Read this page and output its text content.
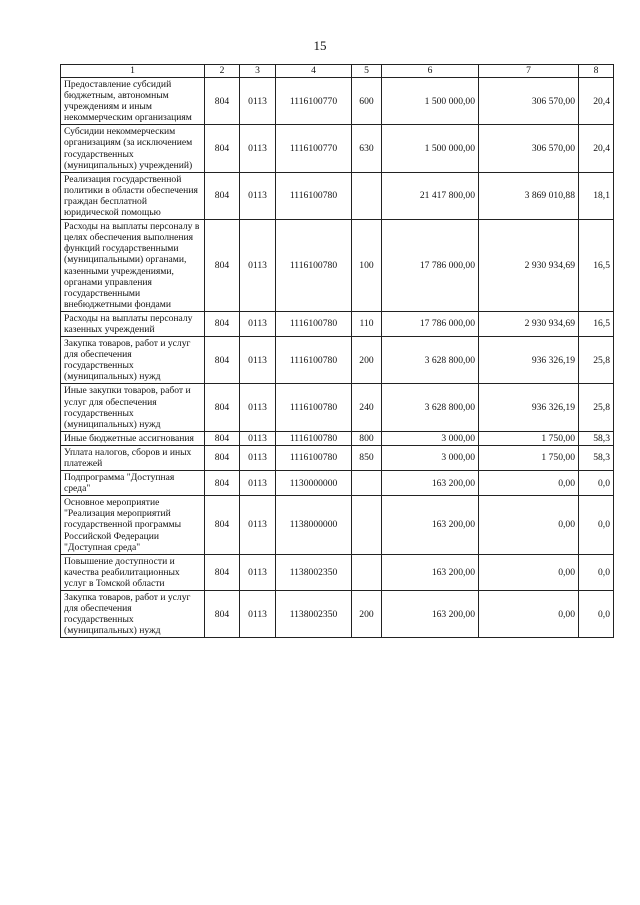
15
1	2	3	4	5	6	7	8
Предоставление субсидий бюджетным, автономным учреждениям и иным некоммерческим организациям	804	0113	1116100770	600	1 500 000,00	306 570,00	20,4
Субсидии некоммерческим организациям (за исключением государственных (муниципальных) учреждений)	804	0113	1116100770	630	1 500 000,00	306 570,00	20,4
Реализация государственной политики в области обеспечения граждан бесплатной юридической помощью	804	0113	1116100780		21 417 800,00	3 869 010,88	18,1
Расходы на выплаты персоналу в целях обеспечения выполнения функций государственными (муниципальными) органами, казенными учреждениями, органами управления государственными внебюджетными фондами	804	0113	1116100780	100	17 786 000,00	2 930 934,69	16,5
Расходы на выплаты персоналу казенных учреждений	804	0113	1116100780	110	17 786 000,00	2 930 934,69	16,5
Закупка товаров, работ и услуг для обеспечения государственных (муниципальных) нужд	804	0113	1116100780	200	3 628 800,00	936 326,19	25,8
Иные закупки товаров, работ и услуг для обеспечения государственных (муниципальных) нужд	804	0113	1116100780	240	3 628 800,00	936 326,19	25,8
Иные бюджетные ассигнования	804	0113	1116100780	800	3 000,00	1 750,00	58,3
Уплата налогов, сборов и иных платежей	804	0113	1116100780	850	3 000,00	1 750,00	58,3
Подпрограмма "Доступная среда"	804	0113	1130000000		163 200,00	0,00	0,0
Основное мероприятие "Реализация мероприятий государственной программы Российской Федерации "Доступная среда"	804	0113	1138000000		163 200,00	0,00	0,0
Повышение доступности и качества реабилитационных услуг в Томской области	804	0113	1138002350		163 200,00	0,00	0,0
Закупка товаров, работ и услуг для обеспечения государственных (муниципальных) нужд	804	0113	1138002350	200	163 200,00	0,00	0,0
